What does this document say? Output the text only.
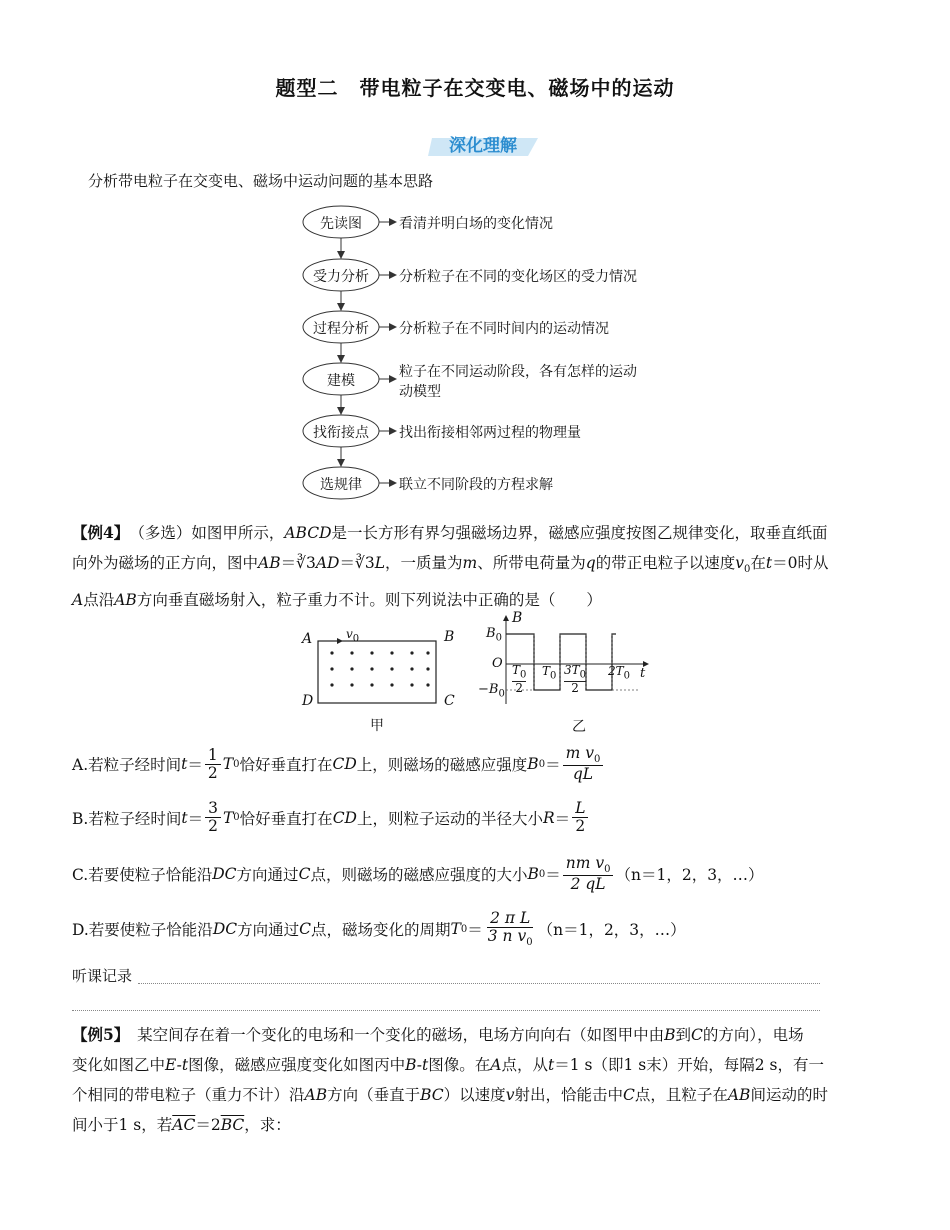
题型二　带电粒子在交变电、磁场中的运动
深化理解
分析带电粒子在交变电、磁场中运动问题的基本思路
先读图
受力分析
过程分析
建模
找衔接点
选规律
看清并明白场的变化情况
分析粒子在不同的变化场区的受力情况
分析粒子在不同时间内的运动情况
粒子在不同运动阶段，各有怎样的运动
动模型
找出衔接相邻两过程的物理量
联立不同阶段的方程求解
【例4】　 （多选）如图甲所示，ABCD是一长方形有界匀强磁场边界，磁感应强度按图乙规律变化，取垂直纸面
向外为磁场的正方向，图中AB＝∛3AD＝∛3L，一质量为m、所带电荷量为q的带正电粒子以速度$v_0$在t＝0时从
A点沿AB方向垂直磁场射入，粒子重力不计。则下列说法中正确的是（　　）
A	B
C
D
$v_0$
甲
B
$B_0$
O
$-B_0$
t
$T_0$
2
$T_0$ $3T_0$
2
$2T_0$
乙
A.若粒子经时间 $t = \frac{1}{2}$ T 0 恰好垂直打在 CD 上，则磁场的磁感应强度 B $0 = \frac{m v_0}{qL}$
B.若粒子经时间 $t = \frac{3}{2}$ T 0 恰好垂直打在 CD 上，则粒子运动的半径大小 $R = \frac{L}{2}$
C.若要使粒子恰能沿 DC 方向通过 C 点，则磁场的磁感应强度的大小 B $0 = \frac{nm v_0}{2 qL} (n=1$，2，3，…）
D.若要使粒子恰能沿 DC 方向通过 C 点，磁场变化的周期 T $0 = \frac{\text{2 π L}}{3 n v_0} (n=1$，2，3，…）
听课记录
【例5】　 某空间存在着一个变化的电场和一个变化的磁场，电场方向向右（如图甲中由B到C的方向），电场
变化如图乙中E-t图像，磁感应强度变化如图丙中B-t图像。在A点，从t＝1 s（即1 s末）开始，每隔2 s，有一
个相同的带电粒子（重力不计）沿AB方向（垂直于BC）以速度v射出，恰能击中C点，且粒子在AB间运动的时
间小于1 s，若$\overline{AC}=2\overline{BC}$，求：
